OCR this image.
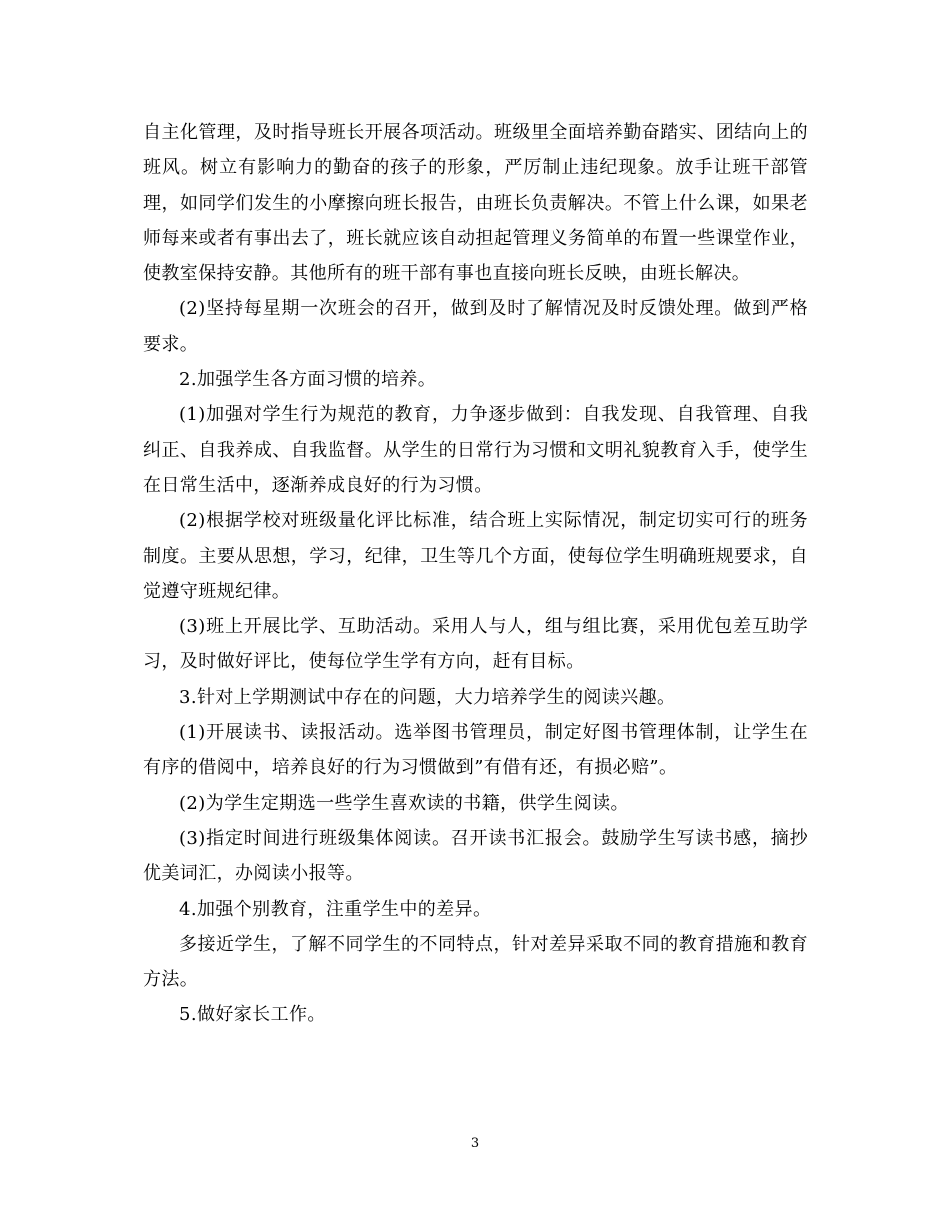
自主化管理，及时指导班长开展各项活动。班级里全面培养勤奋踏实、团结向上的班风。树立有影响力的勤奋的孩子的形象，严厉制止违纪现象。放手让班干部管理，如同学们发生的小摩擦向班长报告，由班长负责解决。不管上什么课，如果老师每来或者有事出去了，班长就应该自动担起管理义务简单的布置一些课堂作业，使教室保持安静。其他所有的班干部有事也直接向班长反映，由班长解决。

(2)坚持每星期一次班会的召开，做到及时了解情况及时反馈处理。做到严格要求。

2.加强学生各方面习惯的培养。

(1)加强对学生行为规范的教育，力争逐步做到：自我发现、自我管理、自我纠正、自我养成、自我监督。从学生的日常行为习惯和文明礼貌教育入手，使学生在日常生活中，逐渐养成良好的行为习惯。

(2)根据学校对班级量化评比标准，结合班上实际情况，制定切实可行的班务制度。主要从思想，学习，纪律，卫生等几个方面，使每位学生明确班规要求，自觉遵守班规纪律。

(3)班上开展比学、互助活动。采用人与人，组与组比赛，采用优包差互助学习，及时做好评比，使每位学生学有方向，赶有目标。

3.针对上学期测试中存在的问题，大力培养学生的阅读兴趣。

(1)开展读书、读报活动。选举图书管理员，制定好图书管理体制，让学生在有序的借阅中，培养良好的行为习惯做到”有借有还，有损必赔”。

(2)为学生定期选一些学生喜欢读的书籍，供学生阅读。

(3)指定时间进行班级集体阅读。召开读书汇报会。鼓励学生写读书感，摘抄优美词汇，办阅读小报等。

4.加强个别教育，注重学生中的差异。

多接近学生，了解不同学生的不同特点，针对差异采取不同的教育措施和教育方法。

5.做好家长工作。

3
